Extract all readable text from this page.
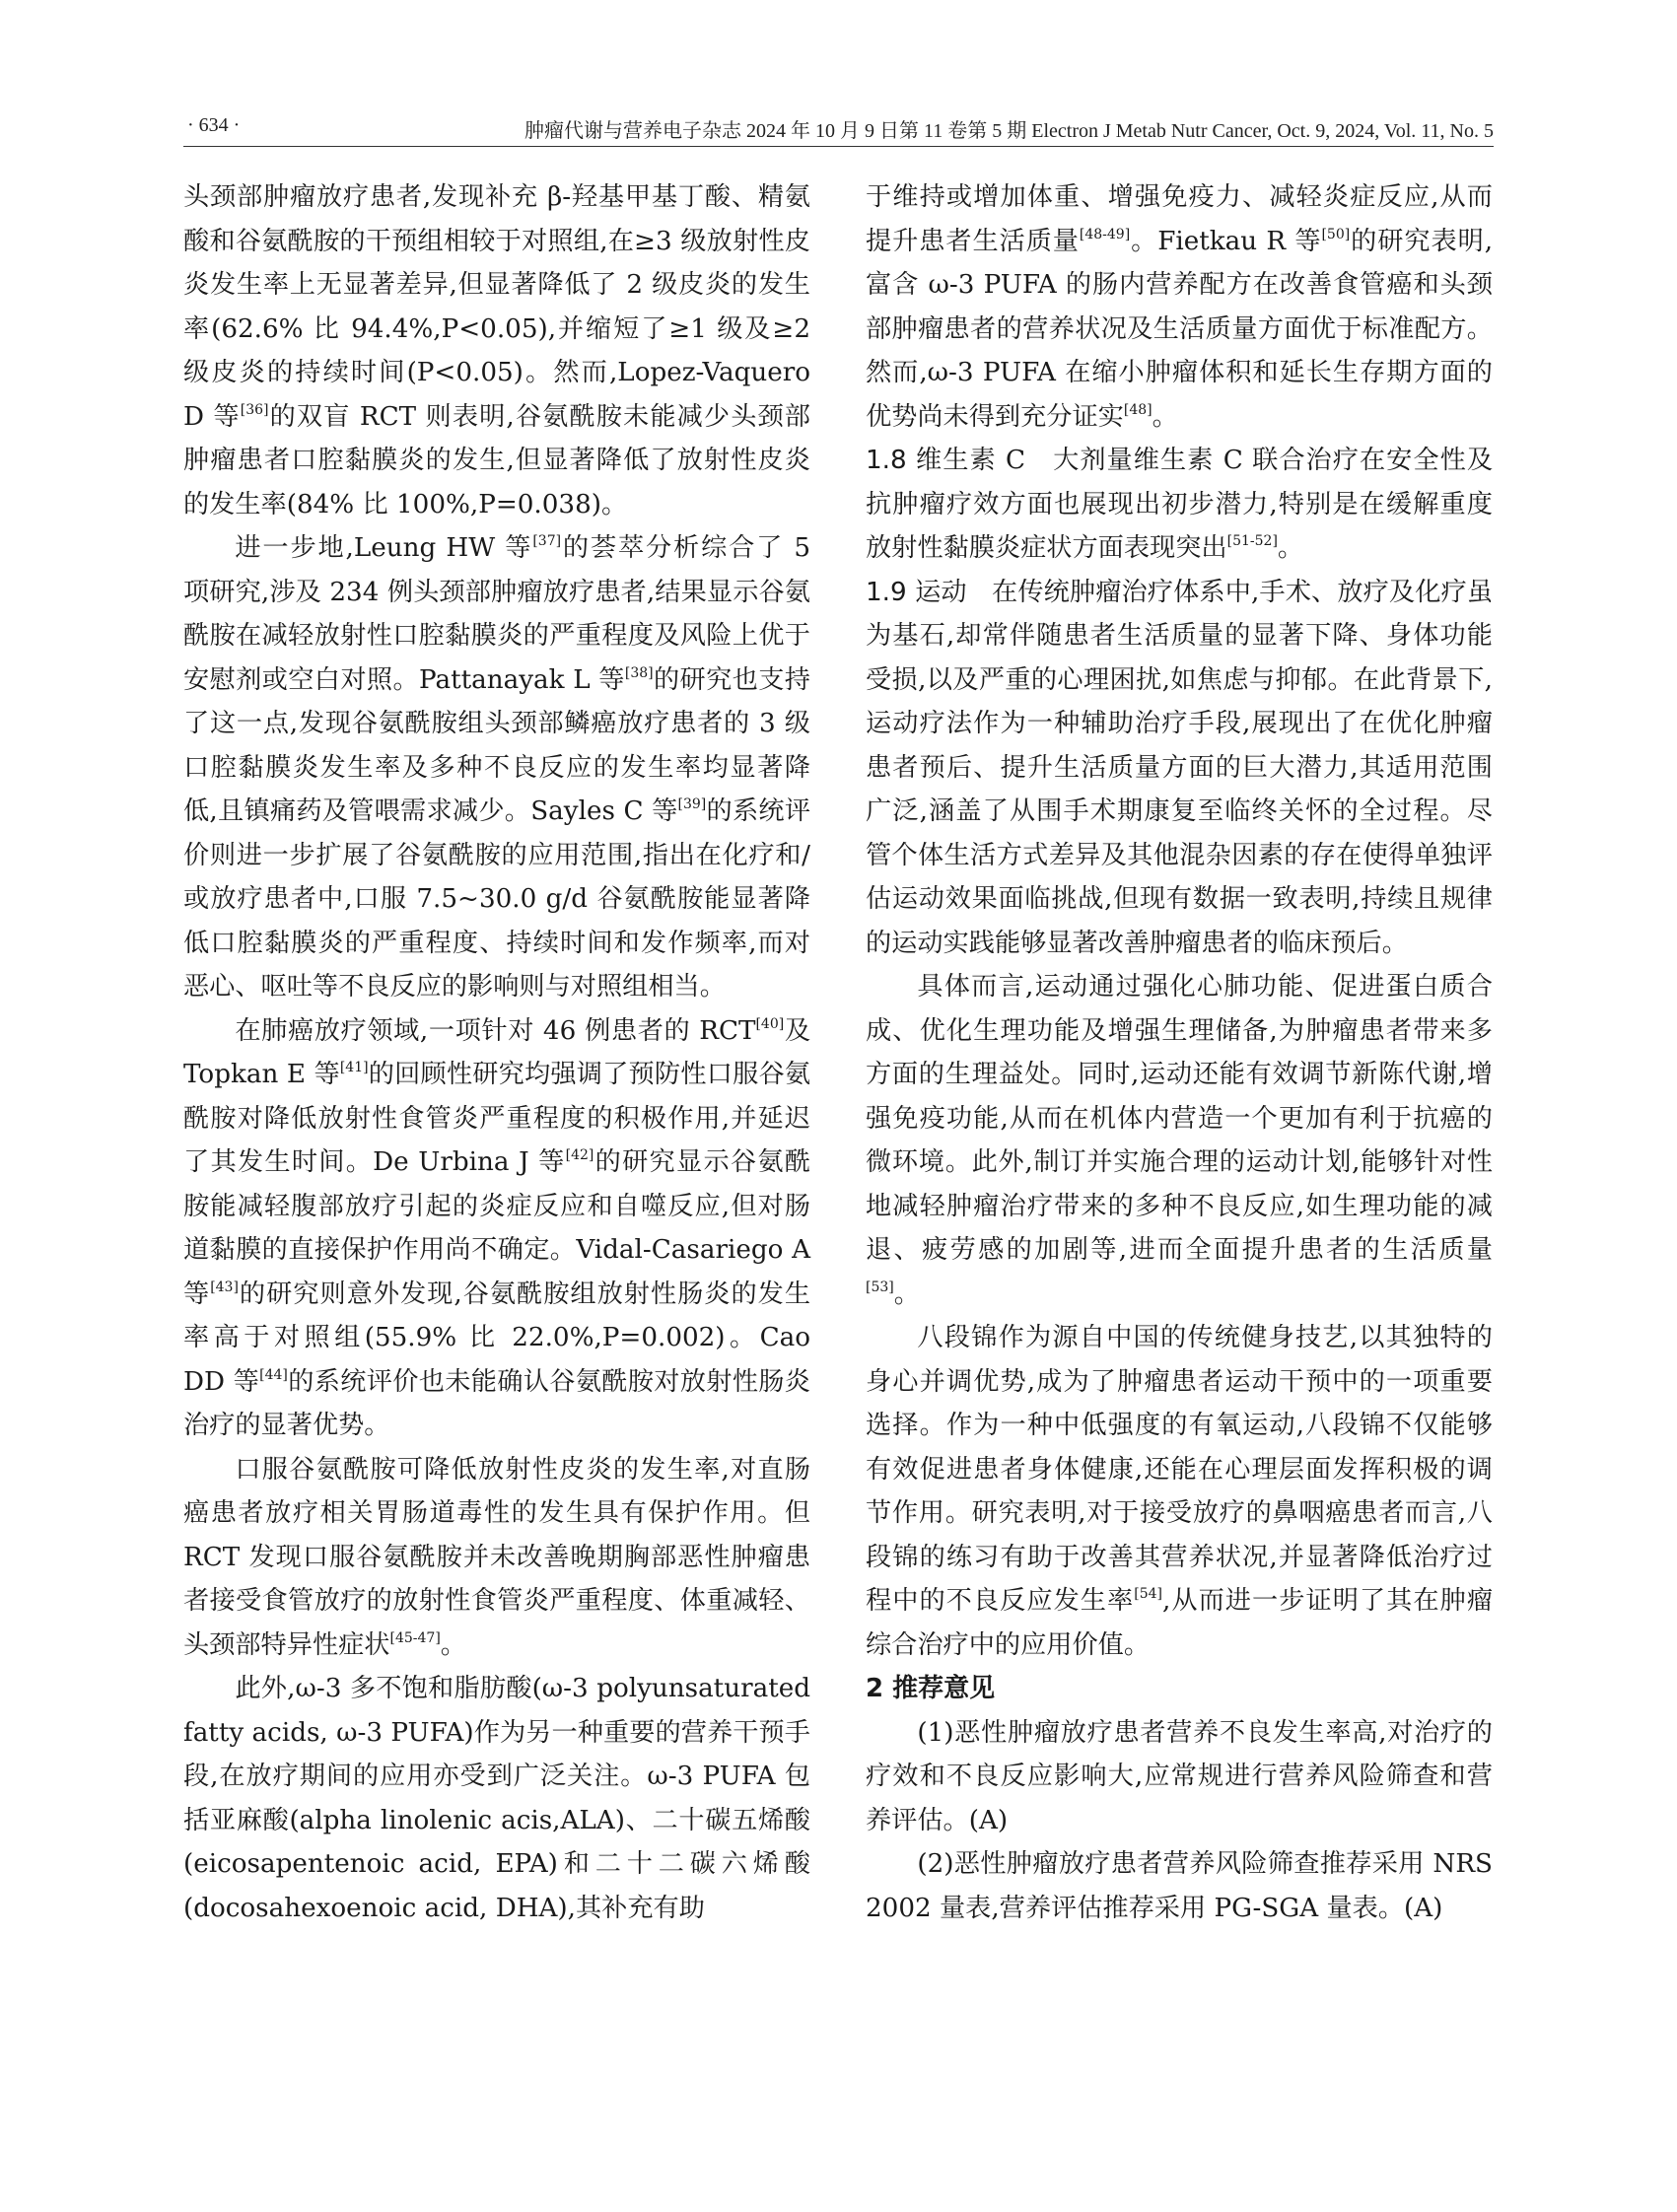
· 634 ·	肿瘤代谢与营养电子杂志 2024 年 10 月 9 日第 11 卷第 5 期 Electron J Metab Nutr Cancer, Oct. 9, 2024, Vol. 11, No. 5

头颈部肿瘤放疗患者,发现补充 β-羟基甲基丁酸、精氨酸和谷氨酰胺的干预组相较于对照组,在≥3 级放射性皮炎发生率上无显著差异,但显著降低了 2 级皮炎的发生率(62.6% 比 94.4%,P<0.05),并缩短了≥1 级及≥2 级皮炎的持续时间(P<0.05)。然而,Lopez-Vaquero D 等[36]的双盲 RCT 则表明,谷氨酰胺未能减少头颈部肿瘤患者口腔黏膜炎的发生,但显著降低了放射性皮炎的发生率(84% 比 100%,P=0.038)。

进一步地,Leung HW 等[37]的荟萃分析综合了 5 项研究,涉及 234 例头颈部肿瘤放疗患者,结果显示谷氨酰胺在减轻放射性口腔黏膜炎的严重程度及风险上优于安慰剂或空白对照。Pattanayak L 等[38]的研究也支持了这一点,发现谷氨酰胺组头颈部鳞癌放疗患者的 3 级口腔黏膜炎发生率及多种不良反应的发生率均显著降低,且镇痛药及管喂需求减少。Sayles C 等[39]的系统评价则进一步扩展了谷氨酰胺的应用范围,指出在化疗和/或放疗患者中,口服 7.5~30.0 g/d 谷氨酰胺能显著降低口腔黏膜炎的严重程度、持续时间和发作频率,而对恶心、呕吐等不良反应的影响则与对照组相当。

在肺癌放疗领域,一项针对 46 例患者的 RCT[40]及 Topkan E 等[41]的回顾性研究均强调了预防性口服谷氨酰胺对降低放射性食管炎严重程度的积极作用,并延迟了其发生时间。De Urbina J 等[42]的研究显示谷氨酰胺能减轻腹部放疗引起的炎症反应和自噬反应,但对肠道黏膜的直接保护作用尚不确定。Vidal-Casariego A 等[43]的研究则意外发现,谷氨酰胺组放射性肠炎的发生率高于对照组(55.9% 比 22.0%,P=0.002)。Cao DD 等[44]的系统评价也未能确认谷氨酰胺对放射性肠炎治疗的显著优势。

口服谷氨酰胺可降低放射性皮炎的发生率,对直肠癌患者放疗相关胃肠道毒性的发生具有保护作用。但 RCT 发现口服谷氨酰胺并未改善晚期胸部恶性肿瘤患者接受食管放疗的放射性食管炎严重程度、体重减轻、头颈部特异性症状[45-47]。

此外,ω-3 多不饱和脂肪酸(ω-3 polyunsaturated fatty acids, ω-3 PUFA)作为另一种重要的营养干预手段,在放疗期间的应用亦受到广泛关注。ω-3 PUFA 包括亚麻酸(alpha linolenic acis,ALA)、二十碳五烯酸(eicosapentenoic acid, EPA)和二十二碳六烯酸(docosahexoenoic acid, DHA),其补充有助

于维持或增加体重、增强免疫力、减轻炎症反应,从而提升患者生活质量[48-49]。Fietkau R 等[50]的研究表明,富含 ω-3 PUFA 的肠内营养配方在改善食管癌和头颈部肿瘤患者的营养状况及生活质量方面优于标准配方。然而,ω-3 PUFA 在缩小肿瘤体积和延长生存期方面的优势尚未得到充分证实[48]。

1.8 维生素 C 大剂量维生素 C 联合治疗在安全性及抗肿瘤疗效方面也展现出初步潜力,特别是在缓解重度放射性黏膜炎症状方面表现突出[51-52]。

1.9 运动 在传统肿瘤治疗体系中,手术、放疗及化疗虽为基石,却常伴随患者生活质量的显著下降、身体功能受损,以及严重的心理困扰,如焦虑与抑郁。在此背景下,运动疗法作为一种辅助治疗手段,展现出了在优化肿瘤患者预后、提升生活质量方面的巨大潜力,其适用范围广泛,涵盖了从围手术期康复至临终关怀的全过程。尽管个体生活方式差异及其他混杂因素的存在使得单独评估运动效果面临挑战,但现有数据一致表明,持续且规律的运动实践能够显著改善肿瘤患者的临床预后。

具体而言,运动通过强化心肺功能、促进蛋白质合成、优化生理功能及增强生理储备,为肿瘤患者带来多方面的生理益处。同时,运动还能有效调节新陈代谢,增强免疫功能,从而在机体内营造一个更加有利于抗癌的微环境。此外,制订并实施合理的运动计划,能够针对性地减轻肿瘤治疗带来的多种不良反应,如生理功能的减退、疲劳感的加剧等,进而全面提升患者的生活质量[53]。

八段锦作为源自中国的传统健身技艺,以其独特的身心并调优势,成为了肿瘤患者运动干预中的一项重要选择。作为一种中低强度的有氧运动,八段锦不仅能够有效促进患者身体健康,还能在心理层面发挥积极的调节作用。研究表明,对于接受放疗的鼻咽癌患者而言,八段锦的练习有助于改善其营养状况,并显著降低治疗过程中的不良反应发生率[54],从而进一步证明了其在肿瘤综合治疗中的应用价值。

2 推荐意见

(1)恶性肿瘤放疗患者营养不良发生率高,对治疗的疗效和不良反应影响大,应常规进行营养风险筛查和营养评估。(A)

(2)恶性肿瘤放疗患者营养风险筛查推荐采用 NRS 2002 量表,营养评估推荐采用 PG-SGA 量表。(A)
